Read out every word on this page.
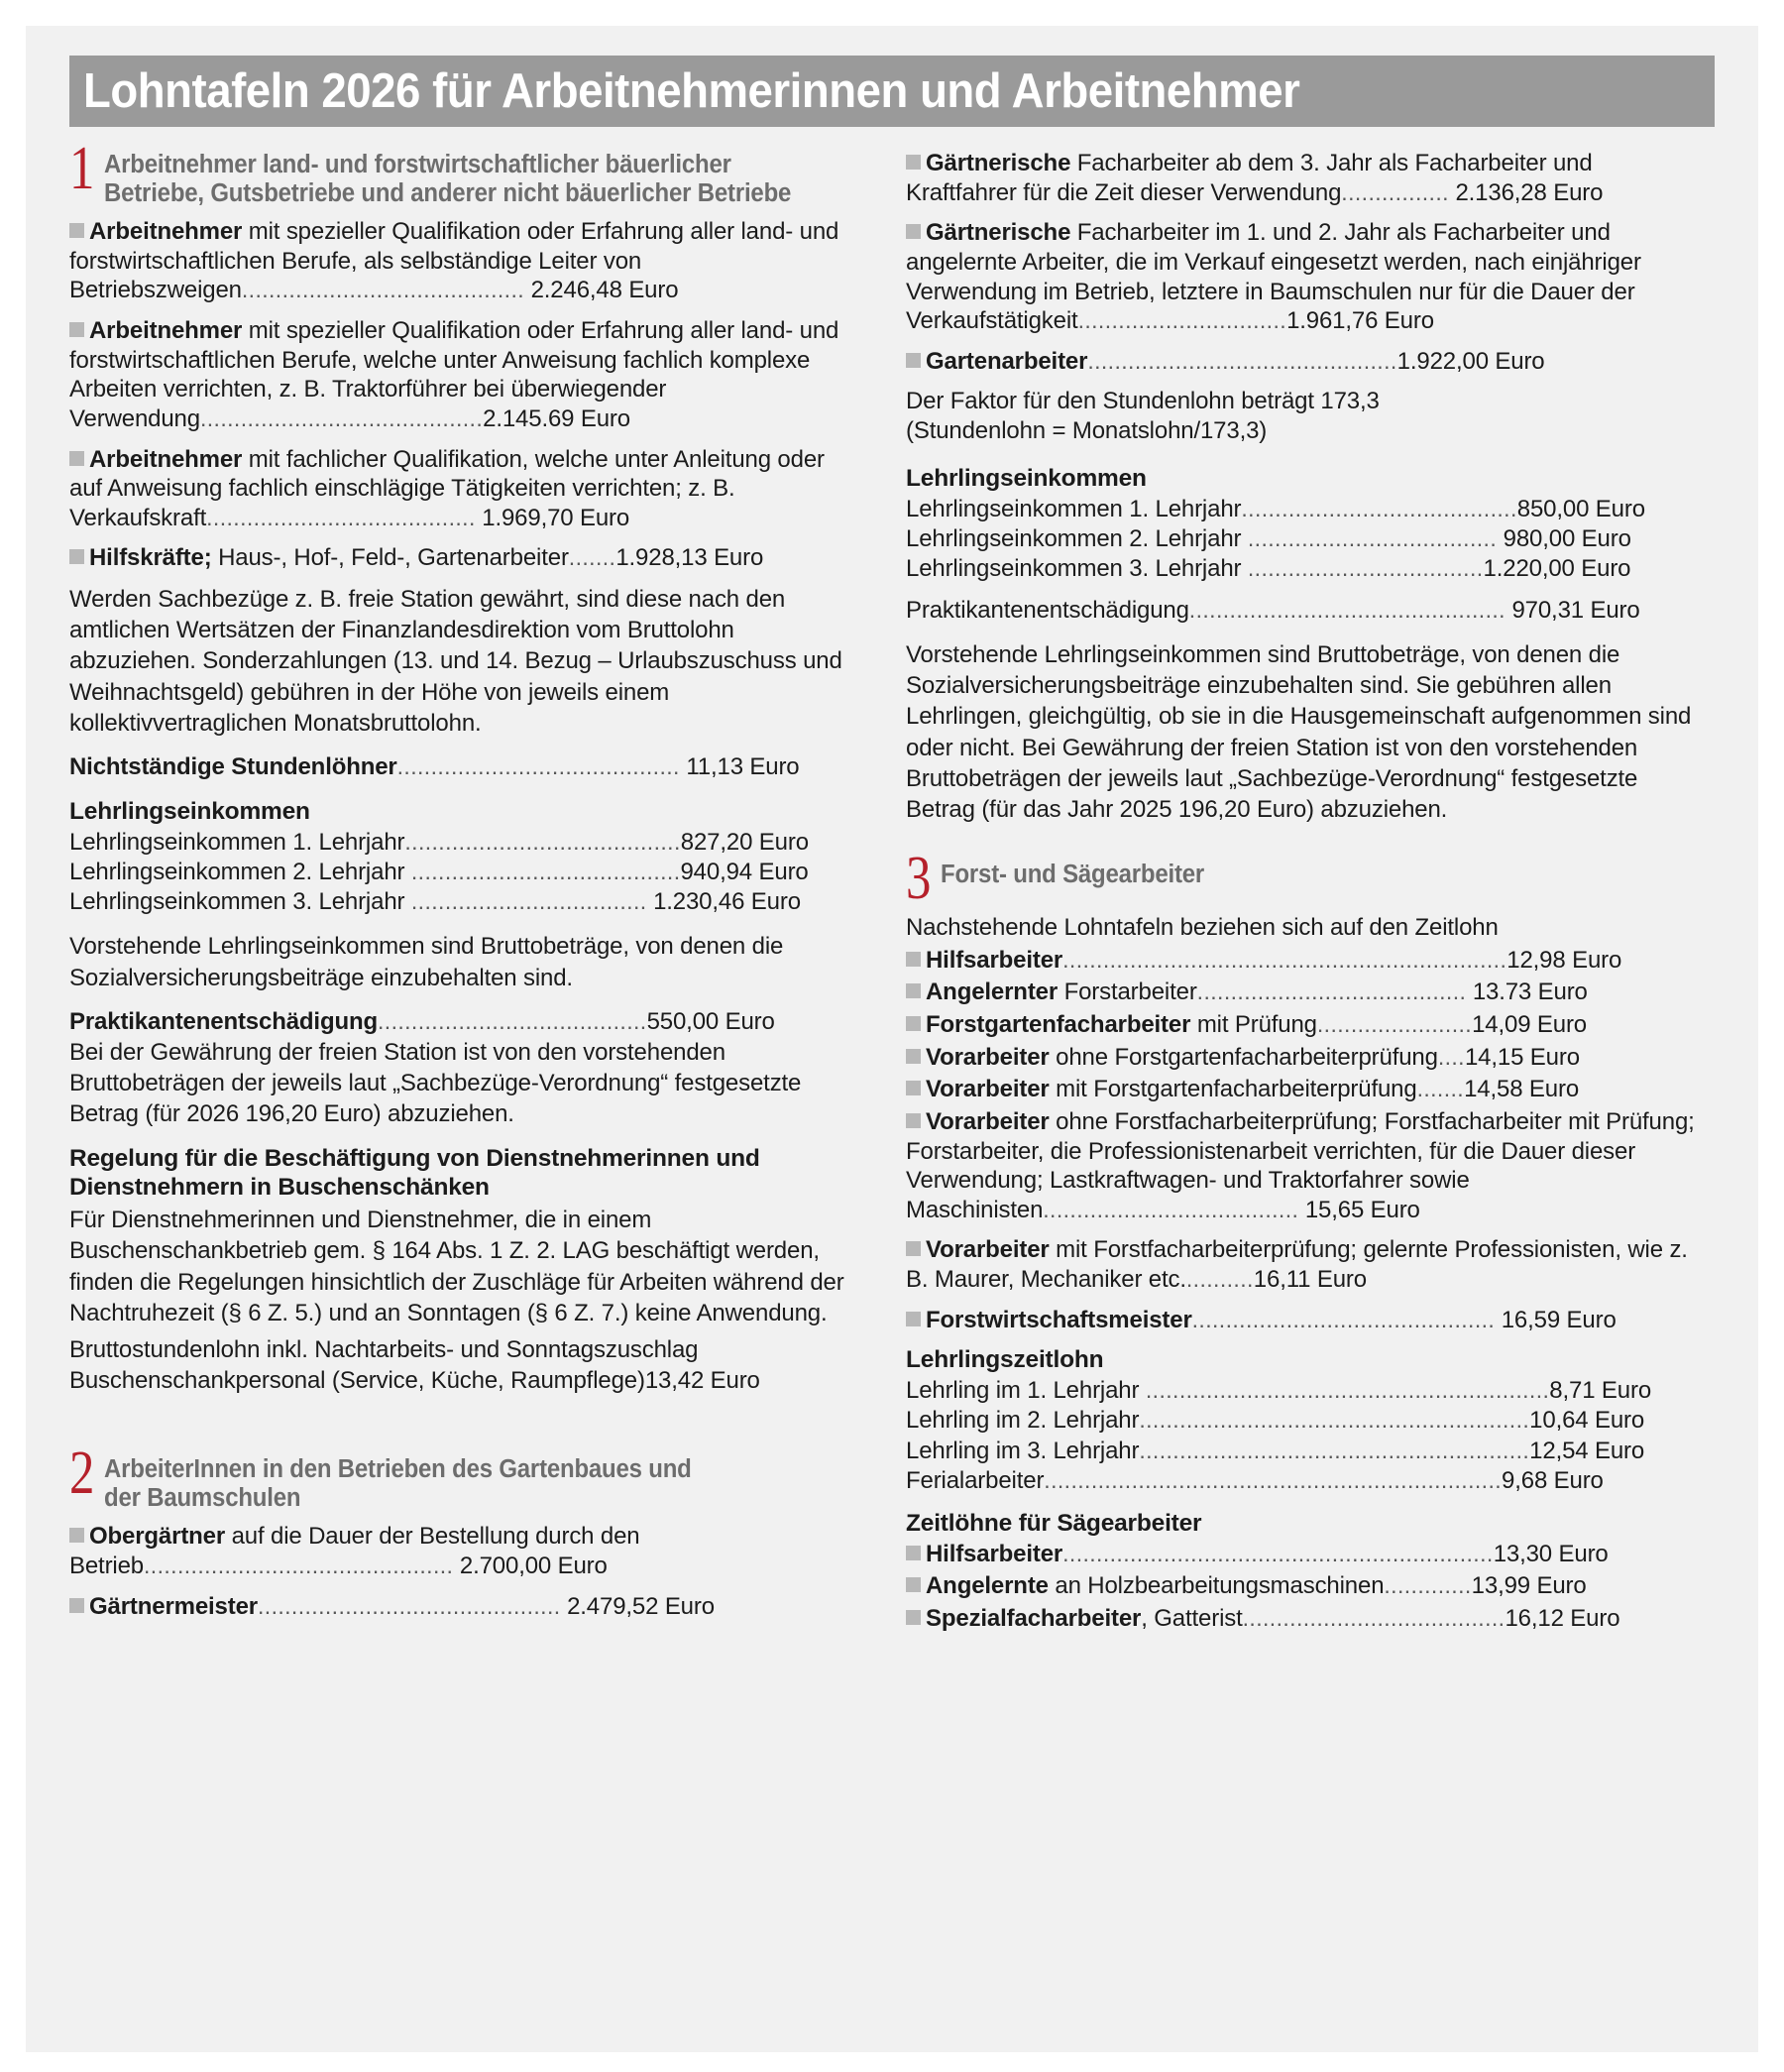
Lohntafeln 2026 für Arbeitnehmerinnen und Arbeitnehmer
1 Arbeitnehmer land- und forstwirtschaftlicher bäuerlicher Betriebe, Gutsbetriebe und anderer nicht bäuerlicher Betriebe
Arbeitnehmer mit spezieller Qualifikation oder Erfahrung aller land- und forstwirtschaftlichen Berufe, als selbständige Leiter von Betriebszweigen.......................................... 2.246,48 Euro
Arbeitnehmer mit spezieller Qualifikation oder Erfahrung aller land- und forstwirtschaftlichen Berufe, welche unter Anweisung fachlich komplexe Arbeiten verrichten, z. B. Traktorführer bei überwiegender Verwendung..........................................2.145.69 Euro
Arbeitnehmer mit fachlicher Qualifikation, welche unter Anleitung oder auf Anweisung fachlich einschlägige Tätigkeiten verrichten; z. B. Verkaufskraft........................................ 1.969,70 Euro
Hilfskräfte; Haus-, Hof-, Feld-, Gartenarbeiter.......1.928,13 Euro
Werden Sachbezüge z. B. freie Station gewährt, sind diese nach den amtlichen Wertsätzen der Finanzlandesdirektion vom Bruttolohn abzuziehen. Sonderzahlungen (13. und 14. Bezug – Urlaubszuschuss und Weihnachtsgeld) gebühren in der Höhe von jeweils einem kollektivvertraglichen Monatsbruttolohn.
Nichtständige Stundenlöhner.......................................... 11,13 Euro
Lehrlingseinkommen
Lehrlingseinkommen 1. Lehrjahr.........................................827,20 Euro
Lehrlingseinkommen 2. Lehrjahr ........................................940,94 Euro
Lehrlingseinkommen 3. Lehrjahr ................................... 1.230,46 Euro
Vorstehende Lehrlingseinkommen sind Bruttobeträge, von denen die Sozialversicherungsbeiträge einzubehalten sind.
Praktikantenentschädigung........................................550,00 Euro
Bei der Gewährung der freien Station ist von den vorstehenden Bruttobeträgen der jeweils laut „Sachbezüge-Verordnung“ festgesetzte Betrag (für 2026 196,20 Euro) abzuziehen.
Regelung für die Beschäftigung von Dienstnehmerinnen und Dienstnehmern in Buschenschänken
Für Dienstnehmerinnen und Dienstnehmer, die in einem Buschenschankbetrieb gem. § 164 Abs. 1 Z. 2. LAG beschäftigt werden, finden die Regelungen hinsichtlich der Zuschläge für Arbeiten während der Nachtruhezeit (§ 6 Z. 5.) und an Sonntagen (§ 6 Z. 7.) keine Anwendung.
Bruttostundenlohn inkl. Nachtarbeits- und Sonntagszuschlag Buschenschankpersonal (Service, Küche, Raumpflege)13,42 Euro
2 ArbeiterInnen in den Betrieben des Gartenbaues und der Baumschulen
Obergärtner auf die Dauer der Bestellung durch den Betrieb.............................................. 2.700,00 Euro
Gärtnermeister............................................. 2.479,52 Euro
Gärtnerische Facharbeiter ab dem 3. Jahr als Facharbeiter und Kraftfahrer für die Zeit dieser Verwendung................ 2.136,28 Euro
Gärtnerische Facharbeiter im 1. und 2. Jahr als Facharbeiter und angelernte Arbeiter, die im Verkauf eingesetzt werden, nach einjähriger Verwendung im Betrieb, letztere in Baumschulen nur für die Dauer der Verkaufstätigkeit...............................1.961,76 Euro
Gartenarbeiter..............................................1.922,00 Euro
Der Faktor für den Stundenlohn beträgt 173,3
(Stundenlohn = Monatslohn/173,3)
Lehrlingseinkommen
Lehrlingseinkommen 1. Lehrjahr.........................................850,00 Euro
Lehrlingseinkommen 2. Lehrjahr ..................................... 980,00 Euro
Lehrlingseinkommen 3. Lehrjahr ...................................1.220,00 Euro
Praktikantenentschädigung............................................... 970,31 Euro
Vorstehende Lehrlingseinkommen sind Bruttobeträge, von denen die Sozialversicherungsbeiträge einzubehalten sind. Sie gebühren allen Lehrlingen, gleichgültig, ob sie in die Hausgemeinschaft aufgenommen sind oder nicht. Bei Gewährung der freien Station ist von den vorstehenden Bruttobeträgen der jeweils laut „Sachbezüge-Verordnung“ festgesetzte Betrag (für das Jahr 2025 196,20 Euro) abzuziehen.
3 Forst- und Sägearbeiter
Nachstehende Lohntafeln beziehen sich auf den Zeitlohn
Hilfsarbeiter..................................................................12,98 Euro
Angelernter Forstarbeiter........................................ 13.73 Euro
Forstgartenfacharbeiter mit Prüfung.......................14,09 Euro
Vorarbeiter ohne Forstgartenfacharbeiterprüfung....14,15 Euro
Vorarbeiter mit Forstgartenfacharbeiterprüfung.......14,58 Euro
Vorarbeiter ohne Forstfacharbeiterprüfung; Forstfacharbeiter mit Prüfung; Forstarbeiter, die Professionistenarbeit verrichten, für die Dauer dieser Verwendung; Lastkraftwagen- und Traktorfahrer sowie Maschinisten...................................... 15,65 Euro
Vorarbeiter mit Forstfacharbeiterprüfung; gelernte Professionisten, wie z. B. Maurer, Mechaniker etc...........16,11 Euro
Forstwirtschaftsmeister............................................. 16,59 Euro
Lehrlingszeitlohn
Lehrling im 1. Lehrjahr ............................................................8,71 Euro
Lehrling im 2. Lehrjahr..........................................................10,64 Euro
Lehrling im 3. Lehrjahr..........................................................12,54 Euro
Ferialarbeiter....................................................................9,68 Euro
Zeitlöhne für Sägearbeiter
Hilfsarbeiter................................................................13,30 Euro
Angelernte an Holzbearbeitungsmaschinen.............13,99 Euro
Spezialfacharbeiter, Gatterist.......................................16,12 Euro
